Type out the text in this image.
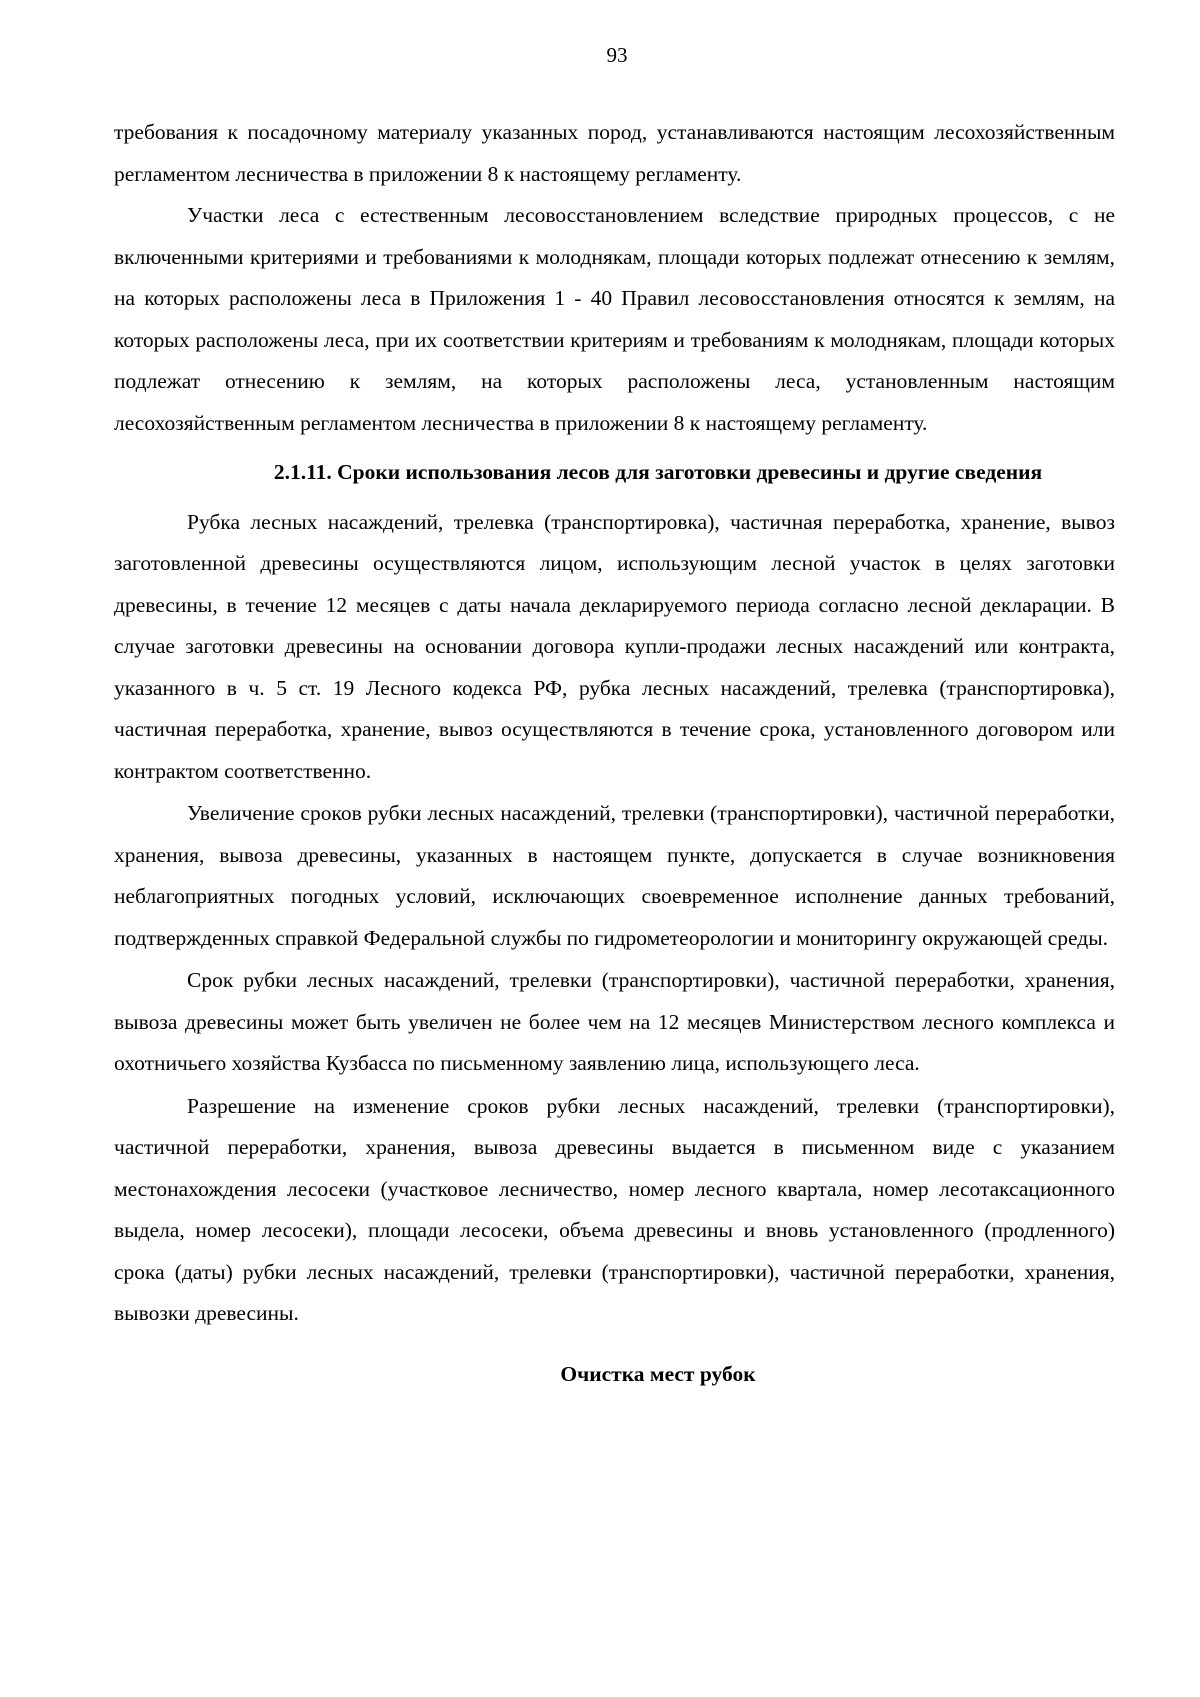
93

требования к посадочному материалу указанных пород, устанавливаются настоящим лесохозяйственным регламентом лесничества в приложении 8 к настоящему регламенту.

Участки леса с естественным лесовосстановлением вследствие природных процессов, с не включенными критериями и требованиями к молоднякам, площади которых подлежат отнесению к землям, на которых расположены леса в Приложения 1 - 40 Правил лесовосстановления относятся к землям, на которых расположены леса, при их соответствии критериям и требованиям к молоднякам, площади которых подлежат отнесению к землям, на которых расположены леса, установленным настоящим лесохозяйственным регламентом лесничества в приложении 8 к настоящему регламенту.

2.1.11. Сроки использования лесов для заготовки древесины и другие сведения

Рубка лесных насаждений, трелевка (транспортировка), частичная переработка, хранение, вывоз заготовленной древесины осуществляются лицом, использующим лесной участок в целях заготовки древесины, в течение 12 месяцев с даты начала декларируемого периода согласно лесной декларации. В случае заготовки древесины на основании договора купли-продажи лесных насаждений или контракта, указанного в ч. 5 ст. 19 Лесного кодекса РФ, рубка лесных насаждений, трелевка (транспортировка), частичная переработка, хранение, вывоз осуществляются в течение срока, установленного договором или контрактом соответственно.

Увеличение сроков рубки лесных насаждений, трелевки (транспортировки), частичной переработки, хранения, вывоза древесины, указанных в настоящем пункте, допускается в случае возникновения неблагоприятных погодных условий, исключающих своевременное исполнение данных требований, подтвержденных справкой Федеральной службы по гидрометеорологии и мониторингу окружающей среды.

Срок рубки лесных насаждений, трелевки (транспортировки), частичной переработки, хранения, вывоза древесины может быть увеличен не более чем на 12 месяцев Министерством лесного комплекса и охотничьего хозяйства Кузбасса по письменному заявлению лица, использующего леса.

Разрешение на изменение сроков рубки лесных насаждений, трелевки (транспортировки), частичной переработки, хранения, вывоза древесины выдается в письменном виде с указанием местонахождения лесосеки (участковое лесничество, номер лесного квартала, номер лесотаксационного выдела, номер лесосеки), площади лесосеки, объема древесины и вновь установленного (продленного) срока (даты) рубки лесных насаждений, трелевки (транспортировки), частичной переработки, хранения, вывозки древесины.

Очистка мест рубок
